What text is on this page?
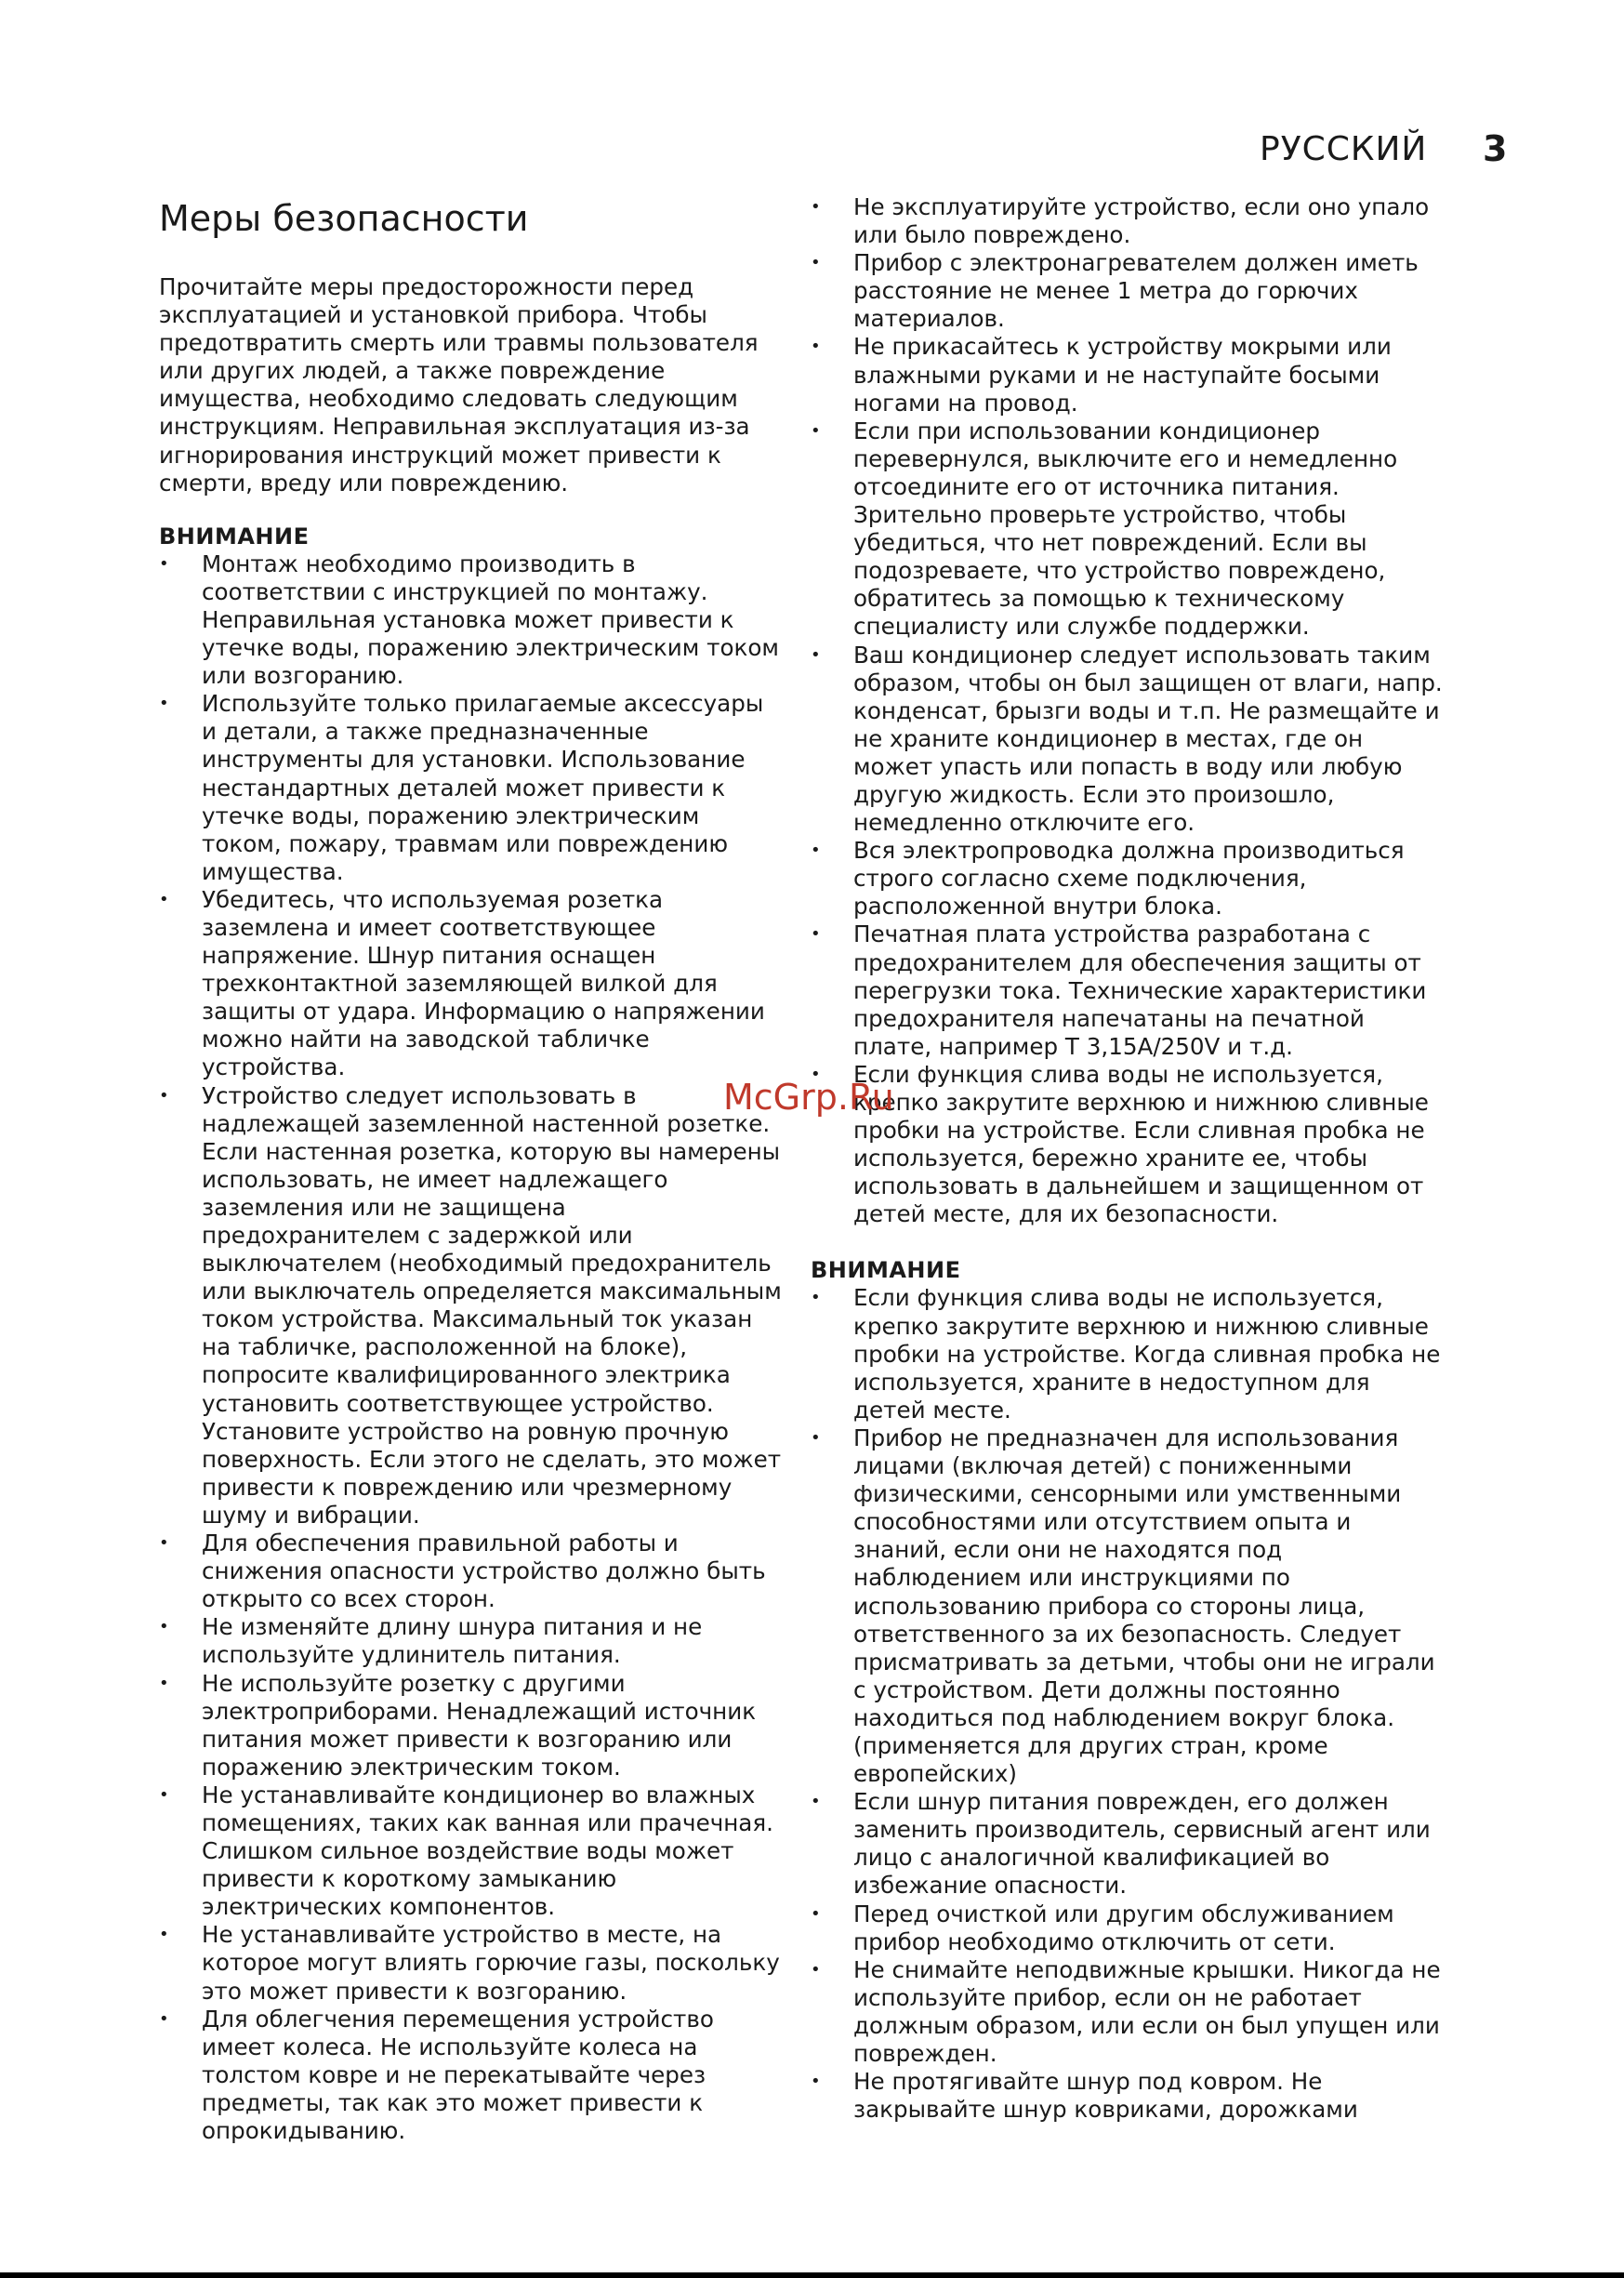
РУССКИЙ 3
Меры безопасности

Прочитайте меры предосторожности перед эксплуатацией и установкой прибора. Чтобы предотвратить смерть или травмы пользователя или других людей, а также повреждение имущества, необходимо следовать следующим инструкциям. Неправильная эксплуатация из-за игнорирования инструкций может привести к смерти, вреду или повреждению.

ВНИМАНИЕ
• Монтаж необходимо производить в соответствии с инструкцией по монтажу. Неправильная установка может привести к утечке воды, поражению электрическим током или возгоранию.
• Используйте только прилагаемые аксессуары и детали, а также предназначенные инструменты для установки. Использование нестандартных деталей может привести к утечке воды, поражению электрическим током, пожару, травмам или повреждению имущества.
• Убедитесь, что используемая розетка заземлена и имеет соответствующее напряжение. Шнур питания оснащен трехконтактной заземляющей вилкой для защиты от удара. Информацию о напряжении можно найти на заводской табличке устройства.
• Устройство следует использовать в надлежащей заземленной настенной розетке. Если настенная розетка, которую вы намерены использовать, не имеет надлежащего заземления или не защищена предохранителем с задержкой или выключателем (необходимый предохранитель или выключатель определяется максимальным током устройства. Максимальный ток указан на табличке, расположенной на блоке), попросите квалифицированного электрика установить соответствующее устройство. Установите устройство на ровную прочную поверхность. Если этого не сделать, это может привести к повреждению или чрезмерному шуму и вибрации.
• Для обеспечения правильной работы и снижения опасности устройство должно быть открыто со всех сторон.
• Не изменяйте длину шнура питания и не используйте удлинитель питания.
• Не используйте розетку с другими электроприборами. Ненадлежащий источник питания может привести к возгоранию или поражению электрическим током.
• Не устанавливайте кондиционер во влажных помещениях, таких как ванная или прачечная. Слишком сильное воздействие воды может привести к короткому замыканию электрических компонентов.
• Не устанавливайте устройство в месте, на которое могут влиять горючие газы, поскольку это может привести к возгоранию.
• Для облегчения перемещения устройство имеет колеса. Не используйте колеса на толстом ковре и не перекатывайте через предметы, так как это может привести к опрокидыванию.
• Не эксплуатируйте устройство, если оно упало или было повреждено.
• Прибор с электронагревателем должен иметь расстояние не менее 1 метра до горючих материалов.
• Не прикасайтесь к устройству мокрыми или влажными руками и не наступайте босыми ногами на провод.
• Если при использовании кондиционер перевернулся, выключите его и немедленно отсоедините его от источника питания. Зрительно проверьте устройство, чтобы убедиться, что нет повреждений. Если вы подозреваете, что устройство повреждено, обратитесь за помощью к техническому специалисту или службе поддержки.
• Ваш кондиционер следует использовать таким образом, чтобы он был защищен от влаги, напр. конденсат, брызги воды и т.п. Не размещайте и не храните кондиционер в местах, где он может упасть или попасть в воду или любую другую жидкость. Если это произошло, немедленно отключите его.
• Вся электропроводка должна производиться строго согласно схеме подключения, расположенной внутри блока.
• Печатная плата устройства разработана с предохранителем для обеспечения защиты от перегрузки тока. Технические характеристики предохранителя напечатаны на печатной плате, например T 3,15A/250V и т.д.
• Если функция слива воды не используется, крепко закрутите верхнюю и нижнюю сливные пробки на устройстве. Если сливная пробка не используется, бережно храните ее, чтобы использовать в дальнейшем и защищенном от детей месте, для их безопасности.
ВНИМАНИЕ
• Если функция слива воды не используется, крепко закрутите верхнюю и нижнюю сливные пробки на устройстве. Когда сливная пробка не используется, храните в недоступном для детей месте.
• Прибор не предназначен для использования лицами (включая детей) с пониженными физическими, сенсорными или умственными способностями или отсутствием опыта и знаний, если они не находятся под наблюдением или инструкциями по использованию прибора со стороны лица, ответственного за их безопасность. Следует присматривать за детьми, чтобы они не играли с устройством. Дети должны постоянно находиться под наблюдением вокруг блока. (применяется для других стран, кроме европейских)
• Если шнур питания поврежден, его должен заменить производитель, сервисный агент или лицо с аналогичной квалификацией во избежание опасности.
• Перед очисткой или другим обслуживанием прибор необходимо отключить от сети.
• Не снимайте неподвижные крышки. Никогда не используйте прибор, если он не работает должным образом, или если он был упущен или поврежден.
• Не протягивайте шнур под ковром. Не закрывайте шнур ковриками, дорожками
McGrp.Ru
